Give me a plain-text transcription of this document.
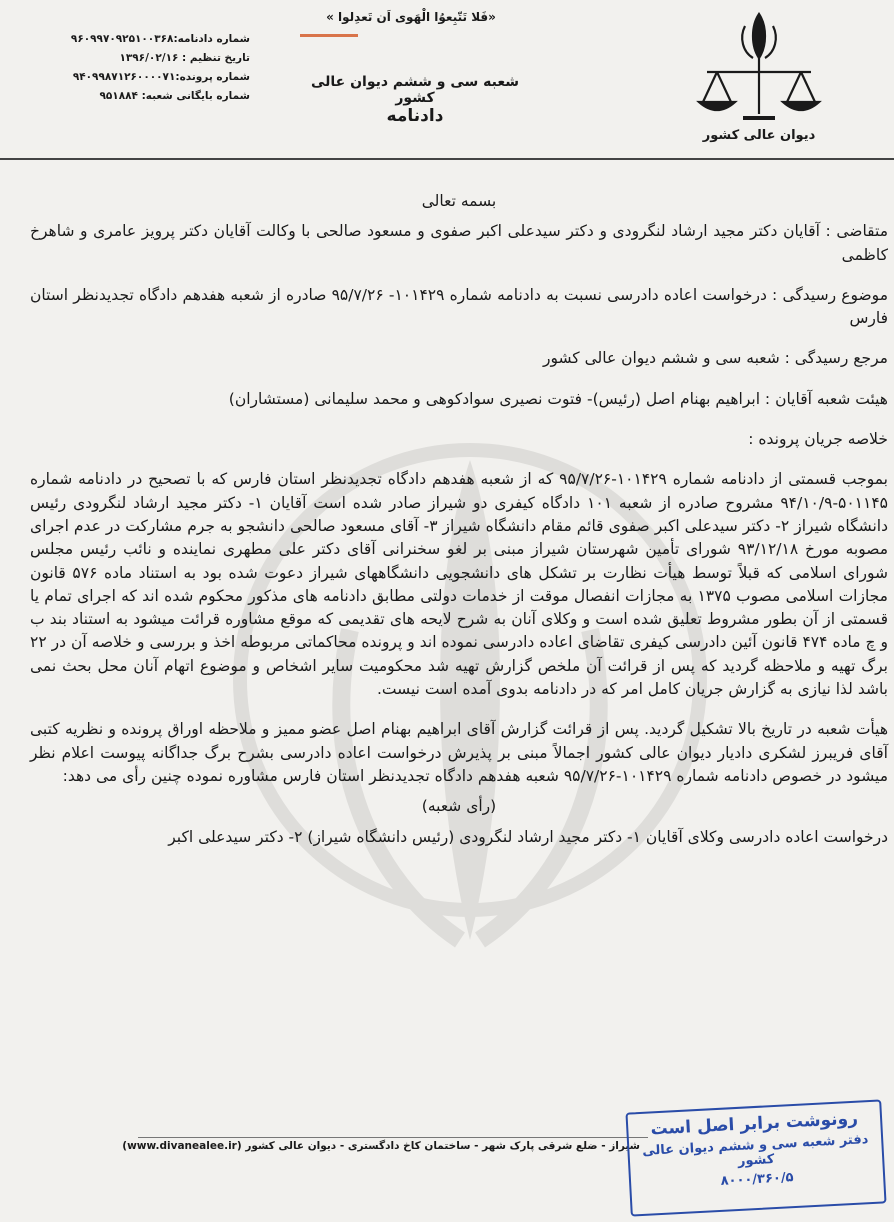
دیوان عالی کشور
«فَلا تَتّبِعوُا الْهَوی اَن تَعدِلوا »
شعبه سی و ششم دیوان عالی کشور
دادنامه
شماره دادنامه:۹۶۰۹۹۷۰۹۲۵۱۰۰۳۶۸
تاریخ تنظیم : ۱۳۹۶/۰۲/۱۶
شماره پرونده:۹۴۰۹۹۸۷۱۲۶۰۰۰۰۷۱
شماره بایگانی شعبه: ۹۵۱۸۸۴

بسمه تعالی

متقاضی : آقایان دکتر مجید ارشاد لنگرودی و دکتر سیدعلی اکبر صفوی و مسعود صالحی با وکالت آقایان دکتر پرویز عامری و شاهرخ کاظمی

موضوع رسیدگی : درخواست اعاده دادرسی نسبت به دادنامه شماره ۱۰۱۴۲۹- ۹۵/۷/۲۶ صادره از شعبه هفدهم دادگاه تجدیدنظر استان فارس

مرجع رسیدگی : شعبه سی و ششم دیوان عالی کشور

هیئت شعبه آقایان : ابراهیم بهنام اصل (رئیس)- فتوت نصیری سوادکوهی و محمد سلیمانی (مستشاران)

خلاصه جریان پرونده :

بموجب قسمتی از دادنامه شماره ۱۰۱۴۲۹-۹۵/۷/۲۶ که از شعبه هفدهم دادگاه تجدیدنظر استان فارس که با تصحیح در دادنامه شماره ۵۰۱۱۴۵-۹۴/۱۰/۹ مشروح صادره از شعبه ۱۰۱ دادگاه کیفری دو شیراز صادر شده است آقایان ۱- دکتر مجید ارشاد لنگرودی رئیس دانشگاه شیراز ۲- دکتر سیدعلی اکبر صفوی قائم مقام دانشگاه شیراز ۳- آقای مسعود صالحی دانشجو به جرم مشارکت در عدم اجرای مصوبه مورخ ۹۳/۱۲/۱۸ شورای تأمین شهرستان شیراز مبنی بر لغو سخنرانی آقای دکتر علی مطهری نماینده و نائب رئیس مجلس شورای اسلامی که قبلاً توسط هیأت نظارت بر تشکل های دانشجویی دانشگاههای شیراز دعوت شده بود به استناد ماده ۵۷۶ قانون مجازات اسلامی مصوب ۱۳۷۵ به مجازات انفصال موقت از خدمات دولتی مطابق دادنامه های مذکور محکوم شده اند که اجرای تمام یا قسمتی از آن بطور مشروط تعلیق شده است و وکلای آنان به شرح لایحه های تقدیمی که موقع مشاوره قرائت میشود به استناد بند ب و چ ماده ۴۷۴ قانون آئین دادرسی کیفری تقاضای اعاده دادرسی نموده اند و پرونده محاکماتی مربوطه اخذ و بررسی و خلاصه آن در ۲۲ برگ تهیه و ملاحظه گردید که پس از قرائت آن ملخص گزارش تهیه شد محکومیت سایر اشخاص و موضوع اتهام آنان محل بحث نمی باشد لذا نیازی به گزارش جریان کامل امر که در دادنامه بدوی آمده است نیست.

هیأت شعبه در تاریخ بالا تشکیل گردید. پس از قرائت گزارش آقای ابراهیم بهنام اصل عضو ممیز و ملاحظه اوراق پرونده و نظریه کتبی آقای فریبرز لشکری دادیار دیوان عالی کشور اجمالاً مبنی بر پذیرش درخواست اعاده دادرسی بشرح برگ جداگانه پیوست اعلام نظر میشود در خصوص دادنامه شماره ۱۰۱۴۲۹-۹۵/۷/۲۶ شعبه هفدهم دادگاه تجدیدنظر استان فارس مشاوره نموده چنین رأی می دهد:

(رأی شعبه)

درخواست اعاده دادرسی وکلای آقایان ۱- دکتر مجید ارشاد لنگرودی (رئیس دانشگاه شیراز) ۲- دکتر سیدعلی اکبر

شیراز - ضلع شرقی پارک شهر - ساختمان کاخ دادگستری - دیوان عالی کشور (www.divanealee.ir)
رونوشت برابر اصل است
دفتر شعبه سی و ششم دیوان عالی کشور
۸۰۰۰/۳۶۰/۵
